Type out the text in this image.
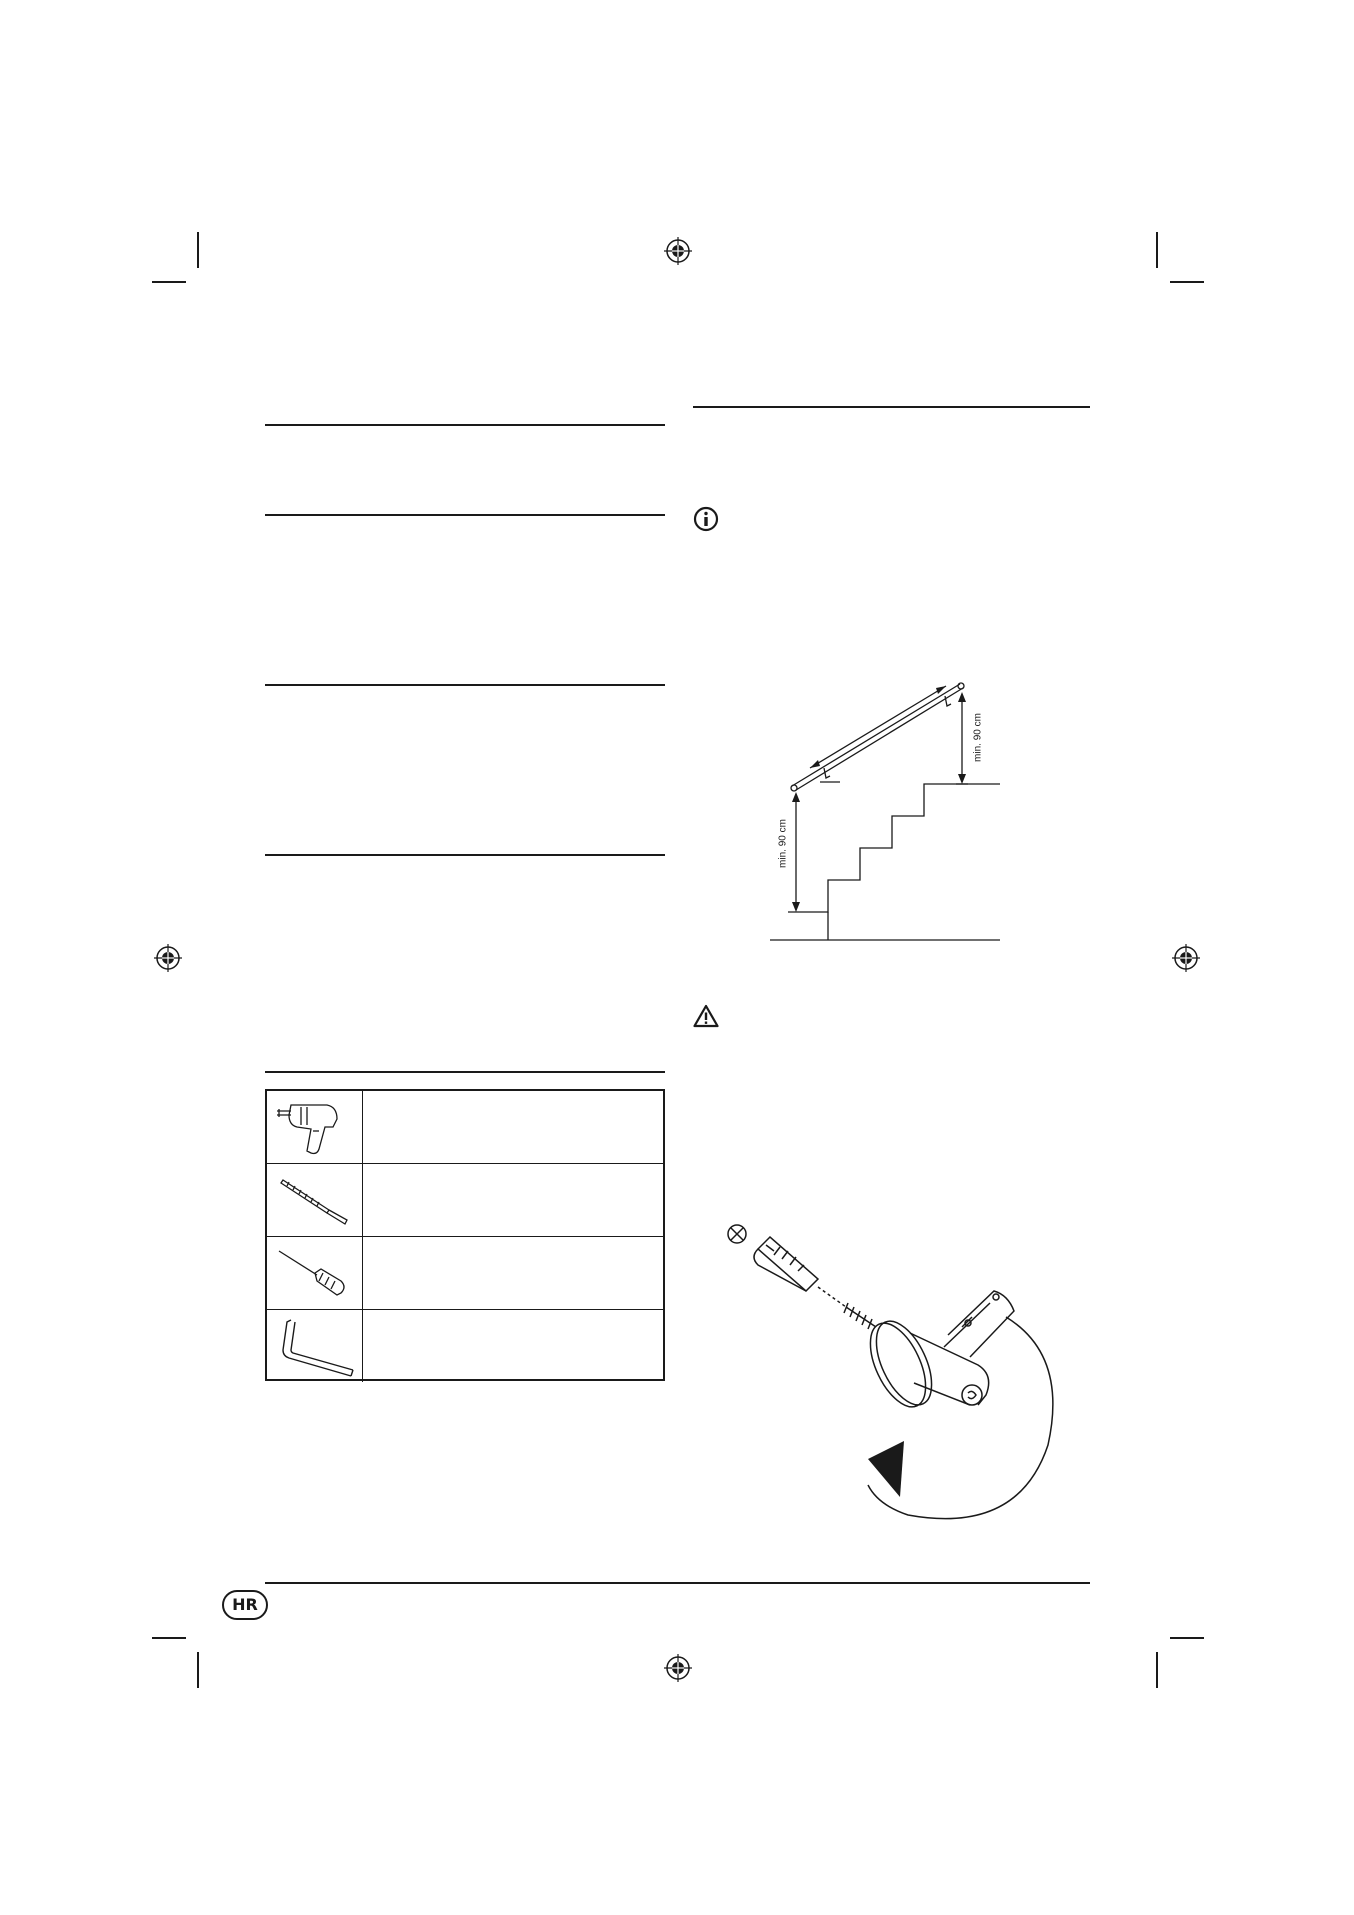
min. 90 cm
min. 90 cm
HR
